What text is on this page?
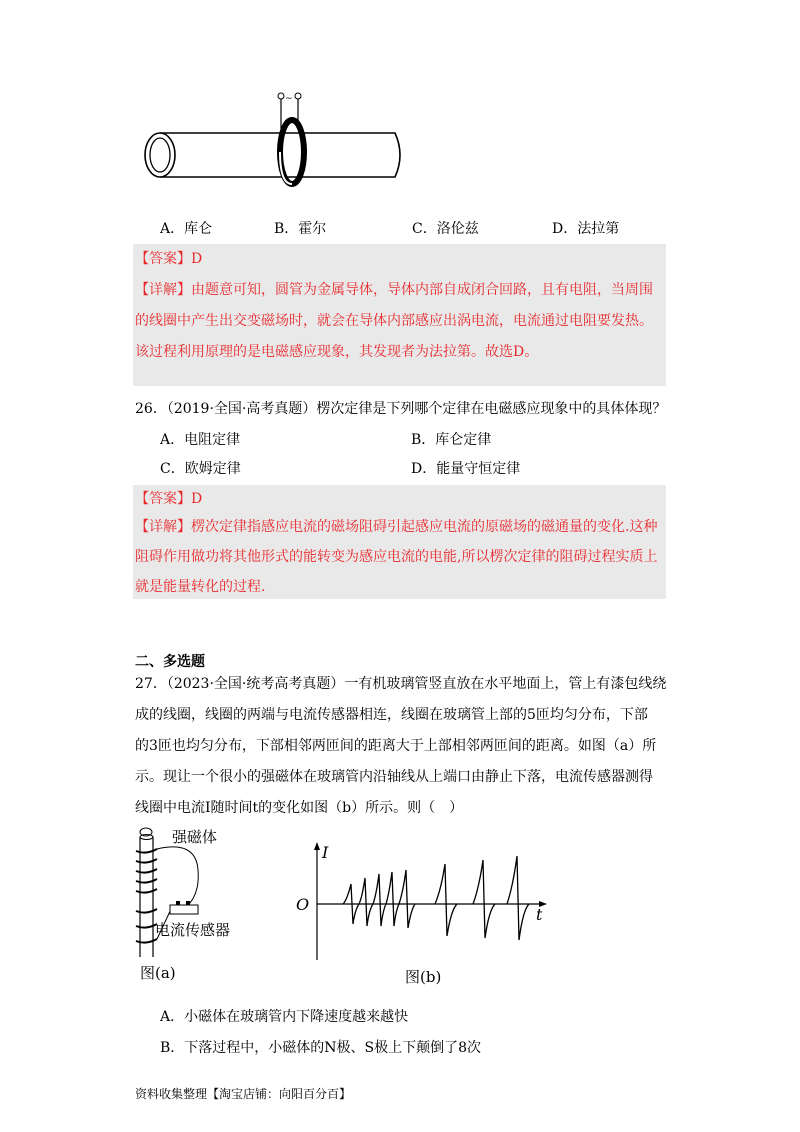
~
A．库仑	B．霍尔	C．洛伦兹	D．法拉第
【答案】D
【详解】由题意可知，圆管为金属导体，导体内部自成闭合回路，且有电阻，当周围
的线圈中产生出交变磁场时，就会在导体内部感应出涡电流，电流通过电阻要发热。
该过程利用原理的是电磁感应现象，其发现者为法拉第。故选D。
26．（2019·全国·高考真题）楞次定律是下列哪个定律在电磁感应现象中的具体体现？
A．电阻定律	B．库仑定律
C．欧姆定律	D．能量守恒定律
【答案】D
【详解】楞次定律指感应电流的磁场阻碍引起感应电流的原磁场的磁通量的变化.这种
阻碍作用做功将其他形式的能转变为感应电流的电能,所以楞次定律的阻碍过程实质上
就是能量转化的过程.
二、多选题
27．（2023·全国·统考高考真题）一有机玻璃管竖直放在水平地面上，管上有漆包线绕
成的线圈，线圈的两端与电流传感器相连，线圈在玻璃管上部的5匝均匀分布，下部
的3匝也均匀分布，下部相邻两匝间的距离大于上部相邻两匝间的距离。如图（a）所
示。现让一个很小的强磁体在玻璃管内沿轴线从上端口由静止下落，电流传感器测得
线圈中电流I随时间t的变化如图（b）所示。则（　）
强磁体
电流传感器
图(a)
I
O
t
图(b)
A．小磁体在玻璃管内下降速度越来越快
B．下落过程中，小磁体的N极、S极上下颠倒了8次
资料收集整理【淘宝店铺：向阳百分百】
